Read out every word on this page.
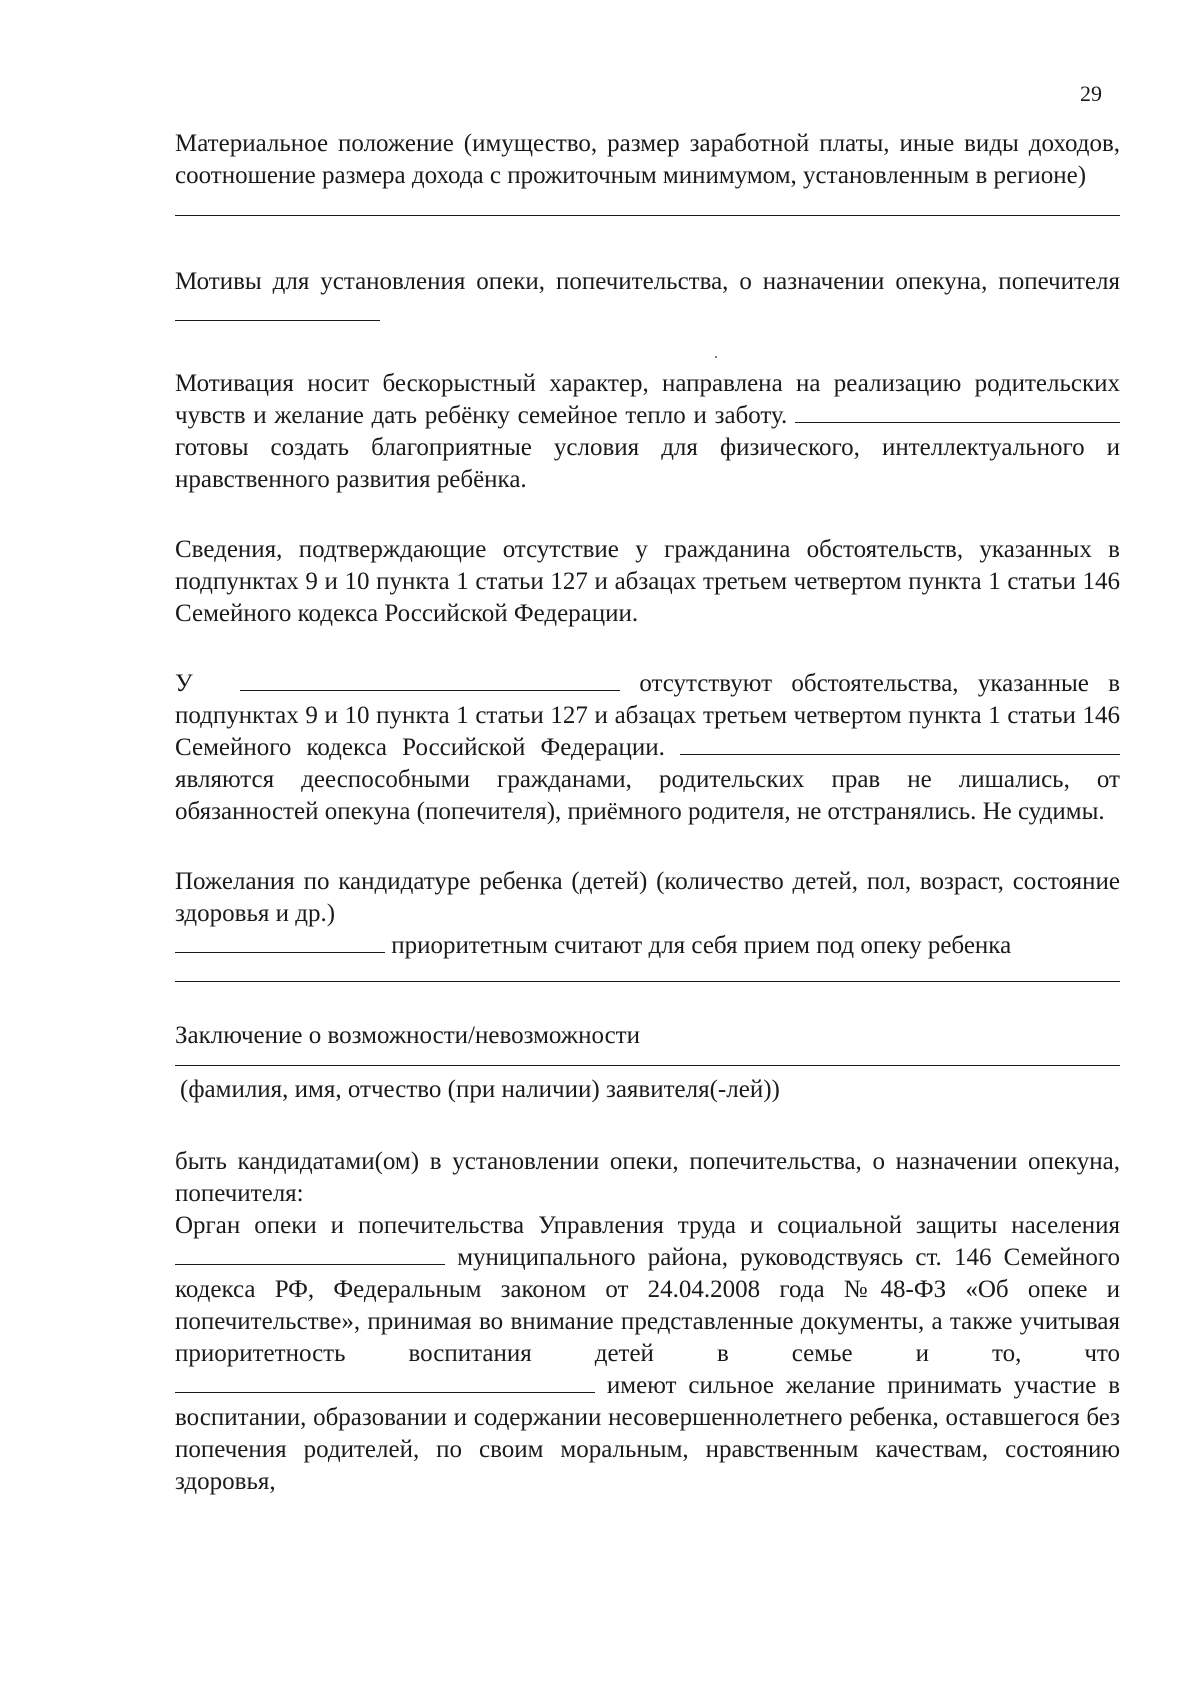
29

Материальное положение (имущество, размер заработной платы, иные виды доходов, соотношение размера дохода с прожиточным минимумом, установленным в регионе)

Мотивы для установления опеки, попечительства, о назначении опекуна, попечителя

Мотивация носит бескорыстный характер, направлена на реализацию родительских чувств и желание дать ребёнку семейное тепло и заботу.  готовы создать благоприятные условия для физического, интеллектуального и нравственного развития ребёнка.

Сведения, подтверждающие отсутствие у гражданина обстоятельств, указанных в подпунктах 9 и 10 пункта 1 статьи 127 и абзацах третьем четвертом пункта 1 статьи 146 Семейного кодекса Российской Федерации.

У	отсутствуют обстоятельства, указанные в подпунктах 9 и 10 пункта 1 статьи 127 и абзацах третьем четвертом пункта 1 статьи 146 Семейного кодекса Российской Федерации.  являются дееспособными гражданами, родительских прав не лишались, от обязанностей опекуна (попечителя), приёмного родителя, не отстранялись. Не судимы.

Пожелания по кандидатуре ребенка (детей) (количество детей, пол, возраст, состояние здоровья и др.)
приоритетным считают для себя прием под опеку ребенка

Заключение о возможности/невозможности

(фамилия, имя, отчество (при наличии) заявителя(-лей))

быть кандидатами(ом) в установлении опеки, попечительства, о назначении опекуна, попечителя:

Орган опеки и попечительства Управления труда и социальной защиты населения  муниципального района, руководствуясь ст. 146 Семейного кодекса РФ, Федеральным законом от 24.04.2008 года №48-ФЗ «Об опеке и попечительстве», принимая во внимание представленные документы, а также учитывая приоритетность воспитания детей в семье и то, что  имеют сильное желание принимать участие в воспитании, образовании и содержании несовершеннолетнего ребенка, оставшегося без попечения родителей, по своим моральным, нравственным качествам, состоянию здоровья,
